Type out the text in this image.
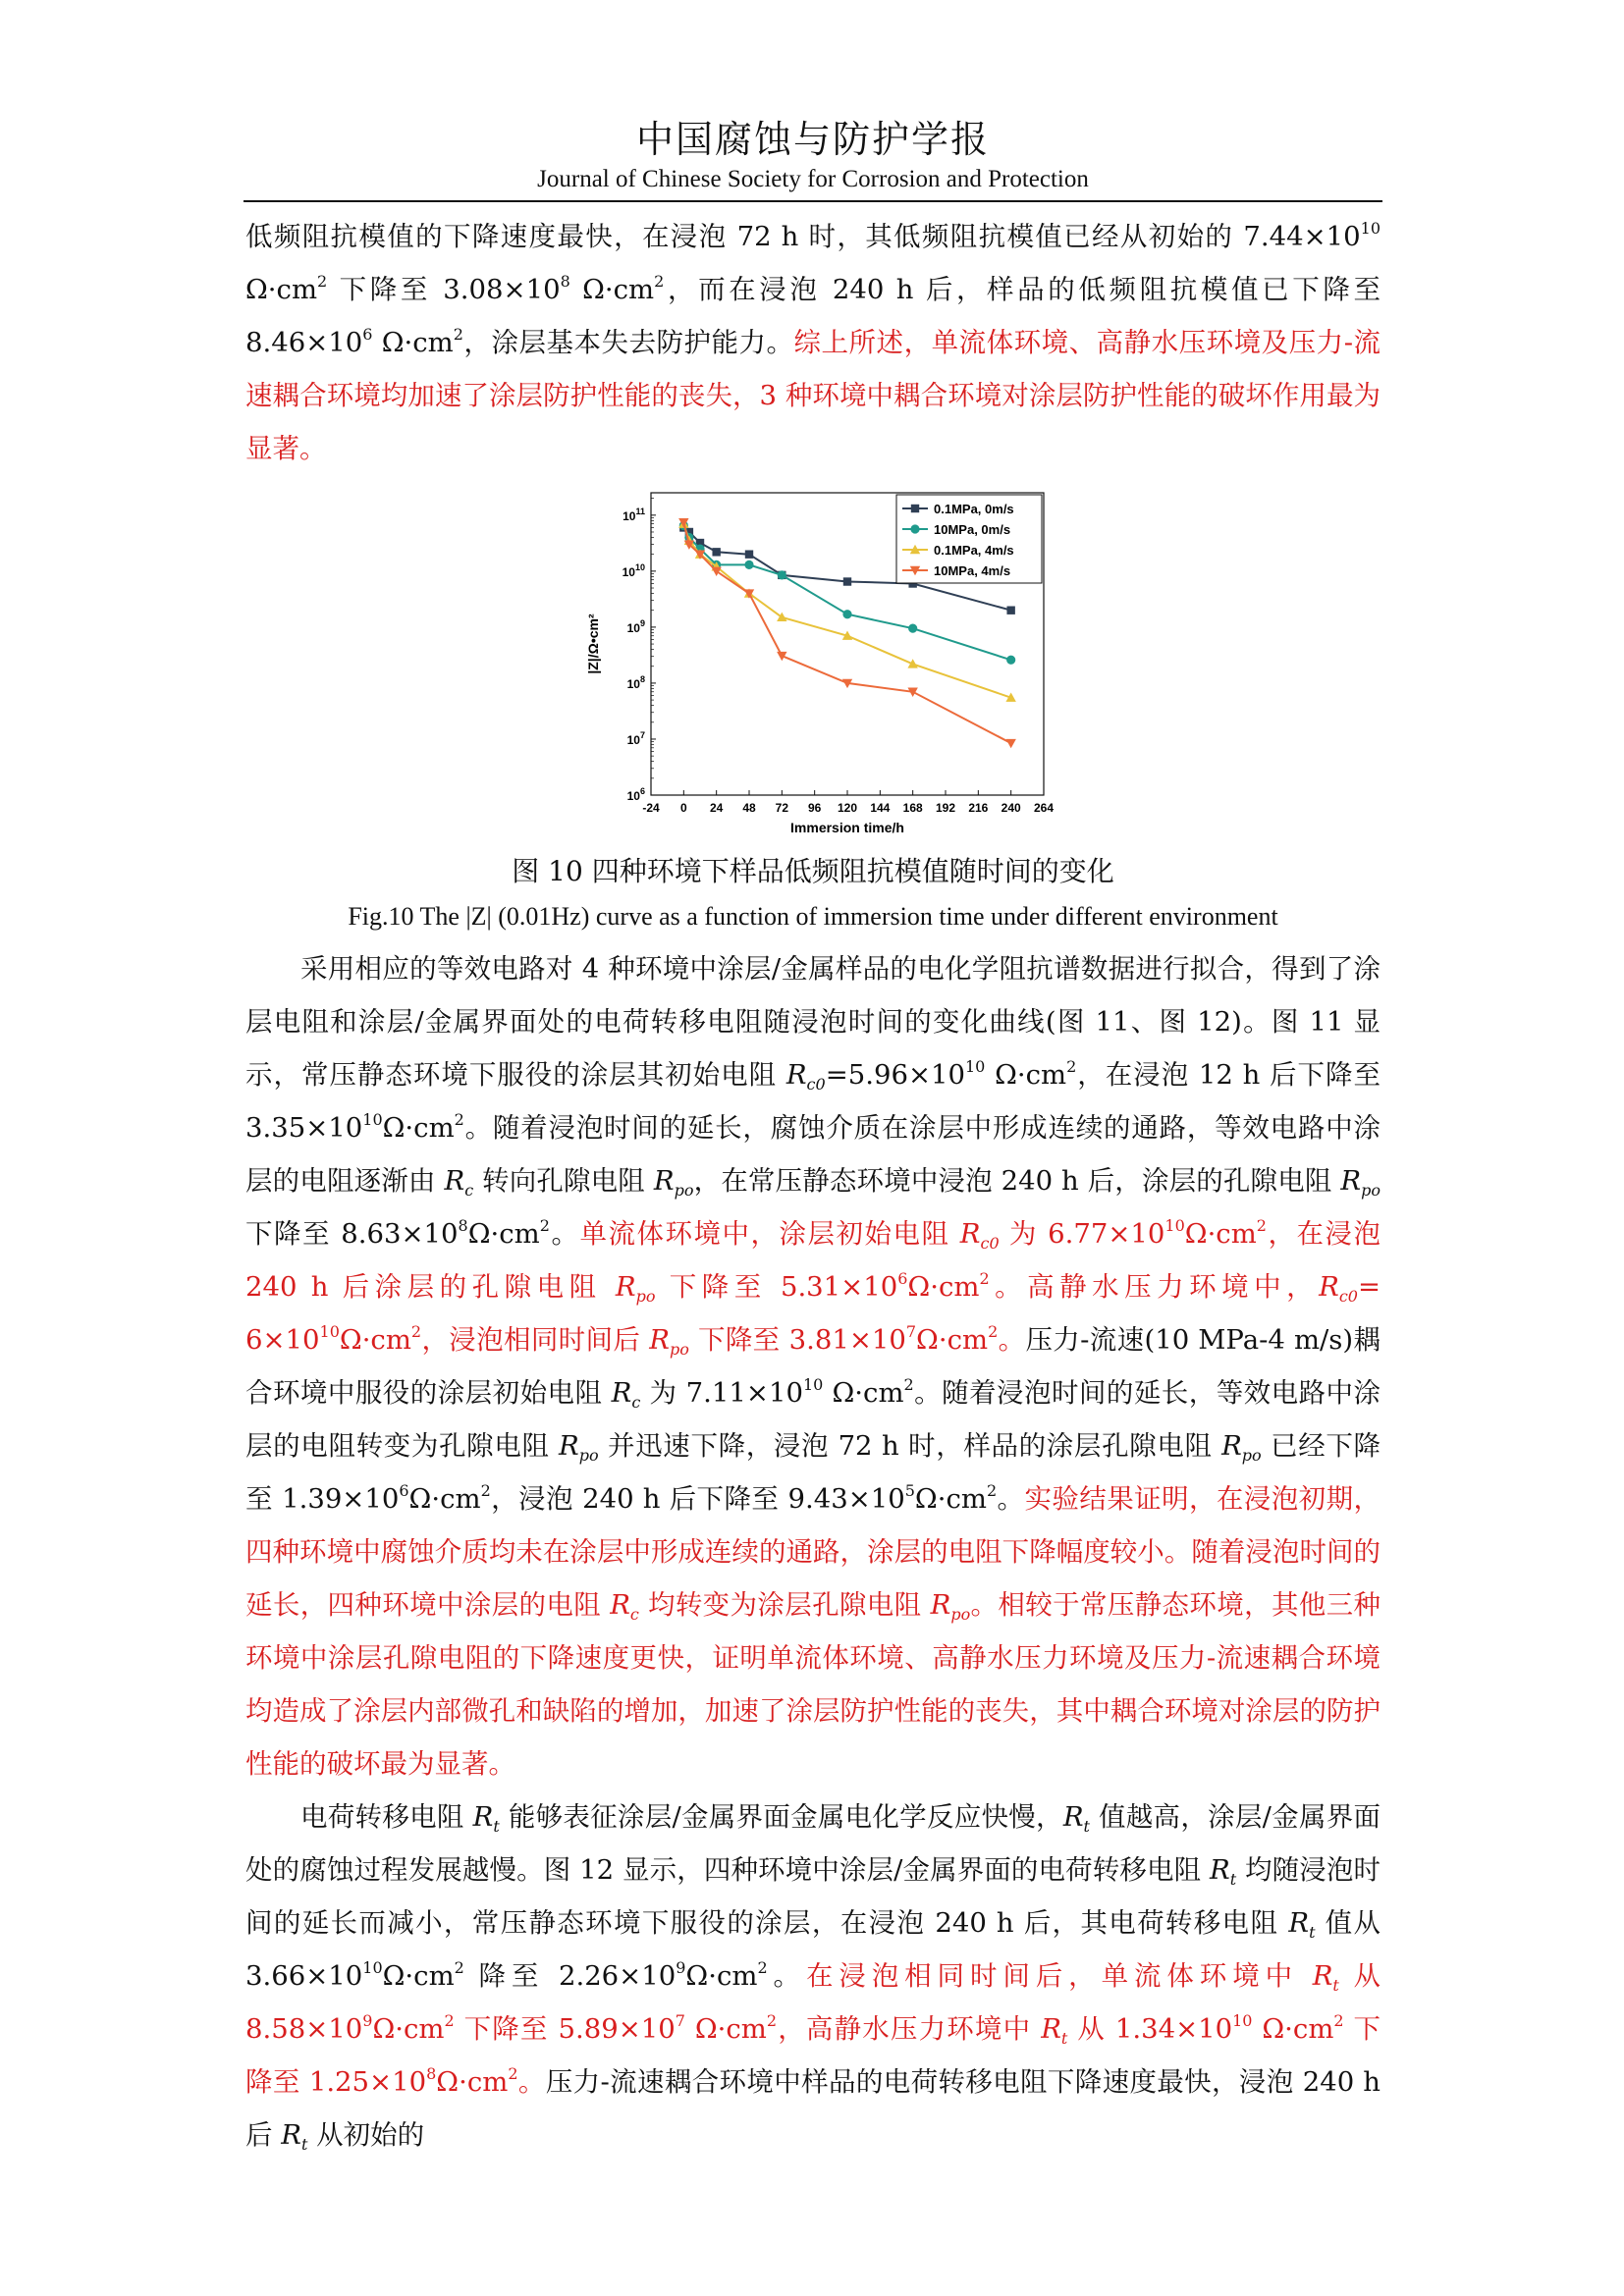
中国腐蚀与防护学报
Journal of Chinese Society for Corrosion and Protection
低频阻抗模值的下降速度最快，在浸泡 72 h 时，其低频阻抗模值已经从初始的 $7.44\times 10^{10}$ $\Omega\cdot cm^2$ 下降至 $3.08\times 10^8$ $\Omega\cdot cm^2$，而在浸泡 240 h 后，样品的低频阻抗模值已下降至 $8.46\times 10^6$ $\Omega\cdot cm^2$，涂层基本失去防护能力。综上所述，单流体环境、高静水压环境及压力-流速耦合环境均加速了涂层防护性能的丧失，3 种环境中耦合环境对涂层防护性能的破坏作用最为显著。
$10^6$
$10^7$
$10^8$
$10^9$
$10^{10}$
$10^{11}$
-24 0 24 48 72 96 120 144 168 192 216 240 264
0.1MPa, 0m/s
10MPa, 0m/s
0.1MPa, 4m/s
10MPa, 4m/s
Immersion time/h
|Z|/Ω•cm²
图 10 四种环境下样品低频阻抗模值随时间的变化
Fig.10 The |Z| (0.01Hz) curve as a function of immersion time under different environment
采用相应的等效电路对 4 种环境中涂层/金属样品的电化学阻抗谱数据进行拟合，得到了涂层电阻和涂层/金属界面处的电荷转移电阻随浸泡时间的变化曲线(图 11、图 12)。图 11 显示，常压静态环境下服役的涂层其初始电阻 $R_{c0}=5.96\times 10^{10}$ $\Omega\cdot cm^2$，在浸泡 12 h 后下降至 $3.35\times 10^{10}\Omega\cdot cm^2$。随着浸泡时间的延长，腐蚀介质在涂层中形成连续的通路，等效电路中涂层的电阻逐渐由 $R_c$ 转向孔隙电阻 $R_{po}$，在常压静态环境中浸泡 240 h 后，涂层的孔隙电阻 $R_{po}$ 下降至 $8.63\times 10^8\Omega\cdot cm^2$。单流体环境中，涂层初始电阻 $R_{c0}$ 为 $6.77\times 10^{10}\Omega\cdot cm^2$，在浸泡 240 h 后涂层的孔隙电阻 $R_{po}$ 下降至 $5.31\times 10^6\Omega\cdot cm^2$。高静水压力环境中，$R_{c0}= 6\times 10^{10}\Omega\cdot cm^2$，浸泡相同时间后 $R_{po}$ 下降至 $3.81\times 10^7\Omega\cdot cm^2$。压力-流速(10 MPa-4 m/s)耦合环境中服役的涂层初始电阻 $R_c$ 为 $7.11\times 10^{10}$ $\Omega\cdot cm^2$。随着浸泡时间的延长，等效电路中涂层的电阻转变为孔隙电阻 $R_{po}$ 并迅速下降，浸泡 72 h 时，样品的涂层孔隙电阻 $R_{po}$ 已经下降至 $1.39\times 10^6\Omega\cdot cm^2$，浸泡 240 h 后下降至 $9.43\times 10^5\Omega\cdot cm^2$。实验结果证明，在浸泡初期，四种环境中腐蚀介质均未在涂层中形成连续的通路，涂层的电阻下降幅度较小。随着浸泡时间的延长，四种环境中涂层的电阻 $R_c$ 均转变为涂层孔隙电阻 $R_{po}$。相较于常压静态环境，其他三种环境中涂层孔隙电阻的下降速度更快，证明单流体环境、高静水压力环境及压力-流速耦合环境均造成了涂层内部微孔和缺陷的增加，加速了涂层防护性能的丧失，其中耦合环境对涂层的防护性能的破坏最为显著。
电荷转移电阻 $R_t$ 能够表征涂层/金属界面金属电化学反应快慢，$R_t$ 值越高，涂层/金属界面处的腐蚀过程发展越慢。图 12 显示，四种环境中涂层/金属界面的电荷转移电阻 $R_t$ 均随浸泡时间的延长而减小，常压静态环境下服役的涂层，在浸泡 240 h 后，其电荷转移电阻 $R_t$ 值从 $3.66\times 10^{10}\Omega\cdot cm^2$ 降至 $2.26\times 10^9\Omega\cdot cm^2$。在浸泡相同时间后，单流体环境中 $R_t$ 从 $8.58\times 10^9\Omega\cdot cm^2$ 下降至 $5.89\times 10^7$ $\Omega\cdot cm^2$，高静水压力环境中 $R_t$ 从 $1.34\times 10^{10}$ $\Omega\cdot cm^2$ 下降至 $1.25\times 10^8\Omega\cdot cm^2$。压力-流速耦合环境中样品的电荷转移电阻下降速度最快，浸泡 240 h 后 $R_t$ 从初始的
